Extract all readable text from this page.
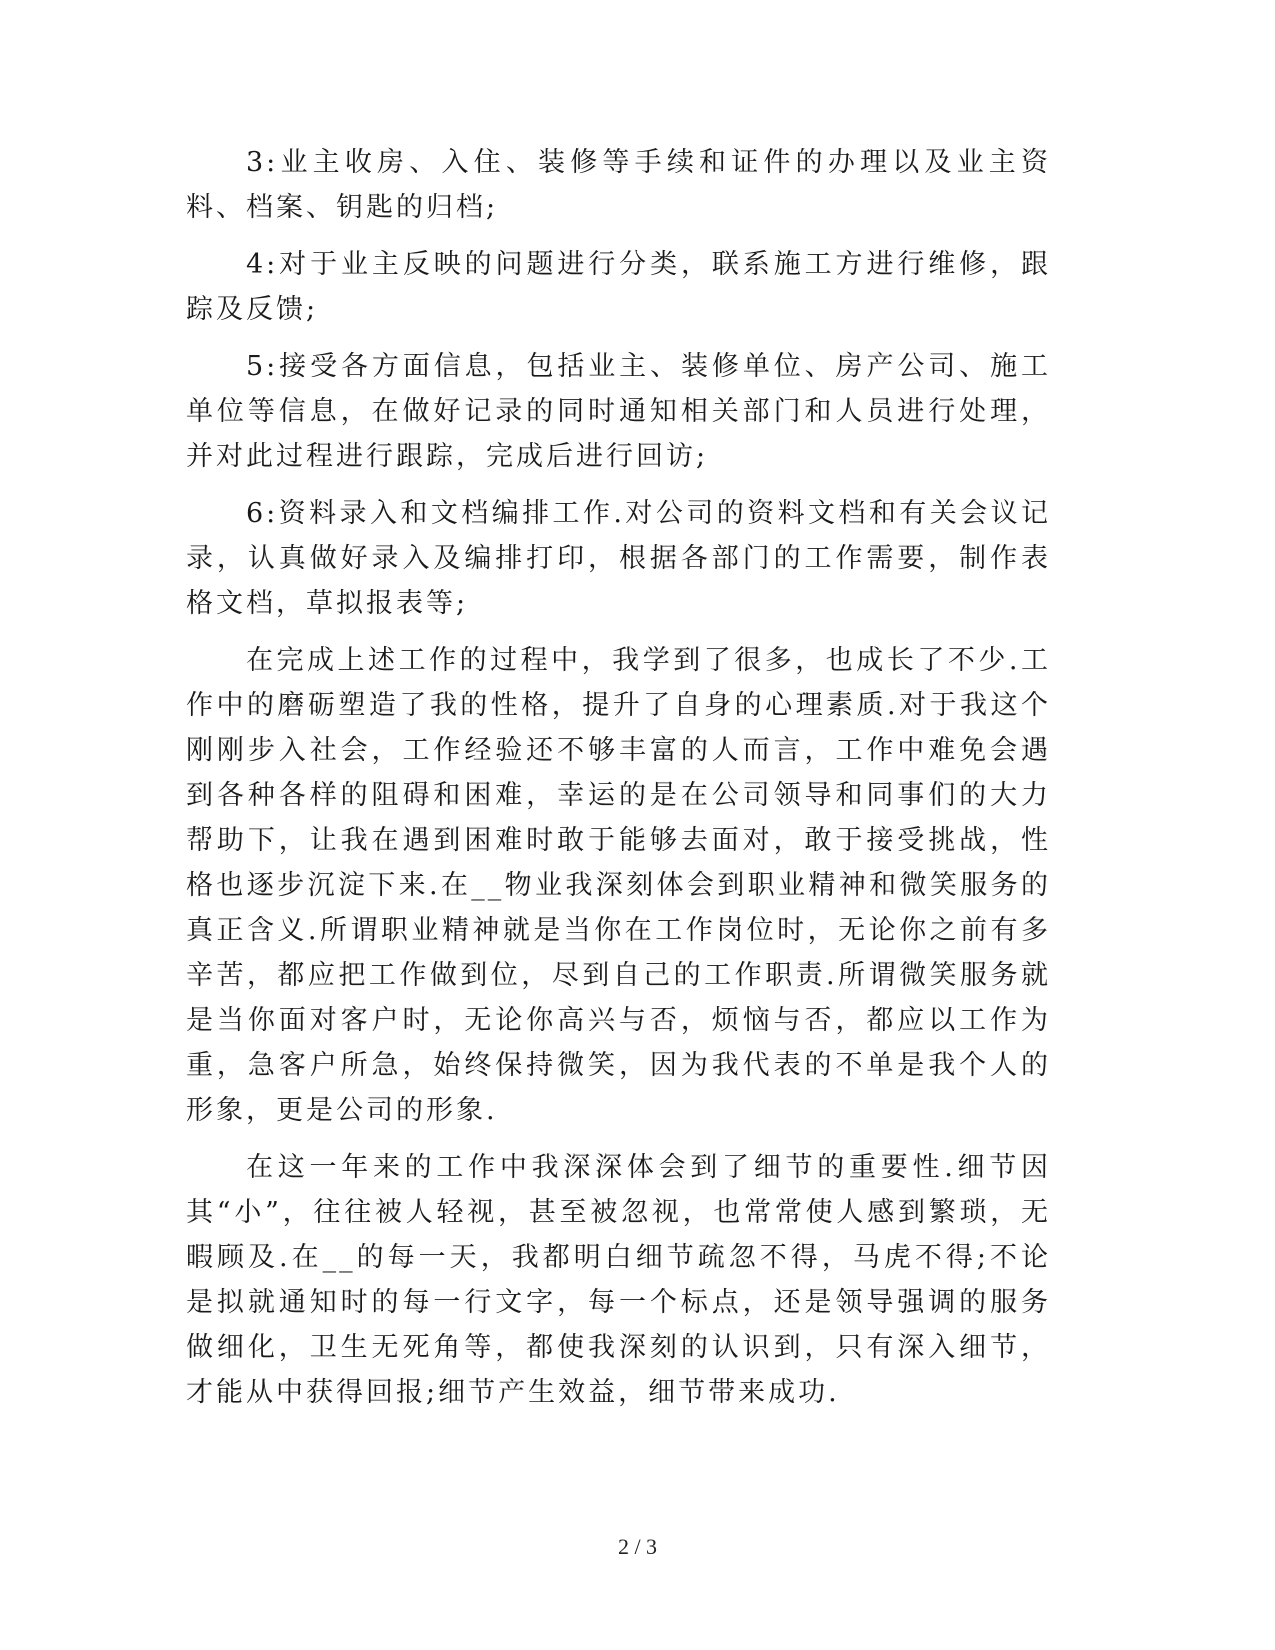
3:业主收房、入住、装修等手续和证件的办理以及业主资料、档案、钥匙的归档;

4:对于业主反映的问题进行分类，联系施工方进行维修，跟踪及反馈;

5:接受各方面信息，包括业主、装修单位、房产公司、施工单位等信息，在做好记录的同时通知相关部门和人员进行处理，并对此过程进行跟踪，完成后进行回访;

6:资料录入和文档编排工作.对公司的资料文档和有关会议记录，认真做好录入及编排打印，根据各部门的工作需要，制作表格文档，草拟报表等;

在完成上述工作的过程中，我学到了很多，也成长了不少.工作中的磨砺塑造了我的性格，提升了自身的心理素质.对于我这个刚刚步入社会，工作经验还不够丰富的人而言，工作中难免会遇到各种各样的阻碍和困难，幸运的是在公司领导和同事们的大力帮助下，让我在遇到困难时敢于能够去面对，敢于接受挑战，性格也逐步沉淀下来.在__物业我深刻体会到职业精神和微笑服务的真正含义.所谓职业精神就是当你在工作岗位时，无论你之前有多辛苦，都应把工作做到位，尽到自己的工作职责.所谓微笑服务就是当你面对客户时，无论你高兴与否，烦恼与否，都应以工作为重，急客户所急，始终保持微笑，因为我代表的不单是我个人的形象，更是公司的形象.

在这一年来的工作中我深深体会到了细节的重要性.细节因其“小”，往往被人轻视，甚至被忽视，也常常使人感到繁琐，无暇顾及.在__的每一天，我都明白细节疏忽不得，马虎不得;不论是拟就通知时的每一行文字，每一个标点，还是领导强调的服务做细化，卫生无死角等，都使我深刻的认识到，只有深入细节，才能从中获得回报;细节产生效益，细节带来成功.

2 / 3
